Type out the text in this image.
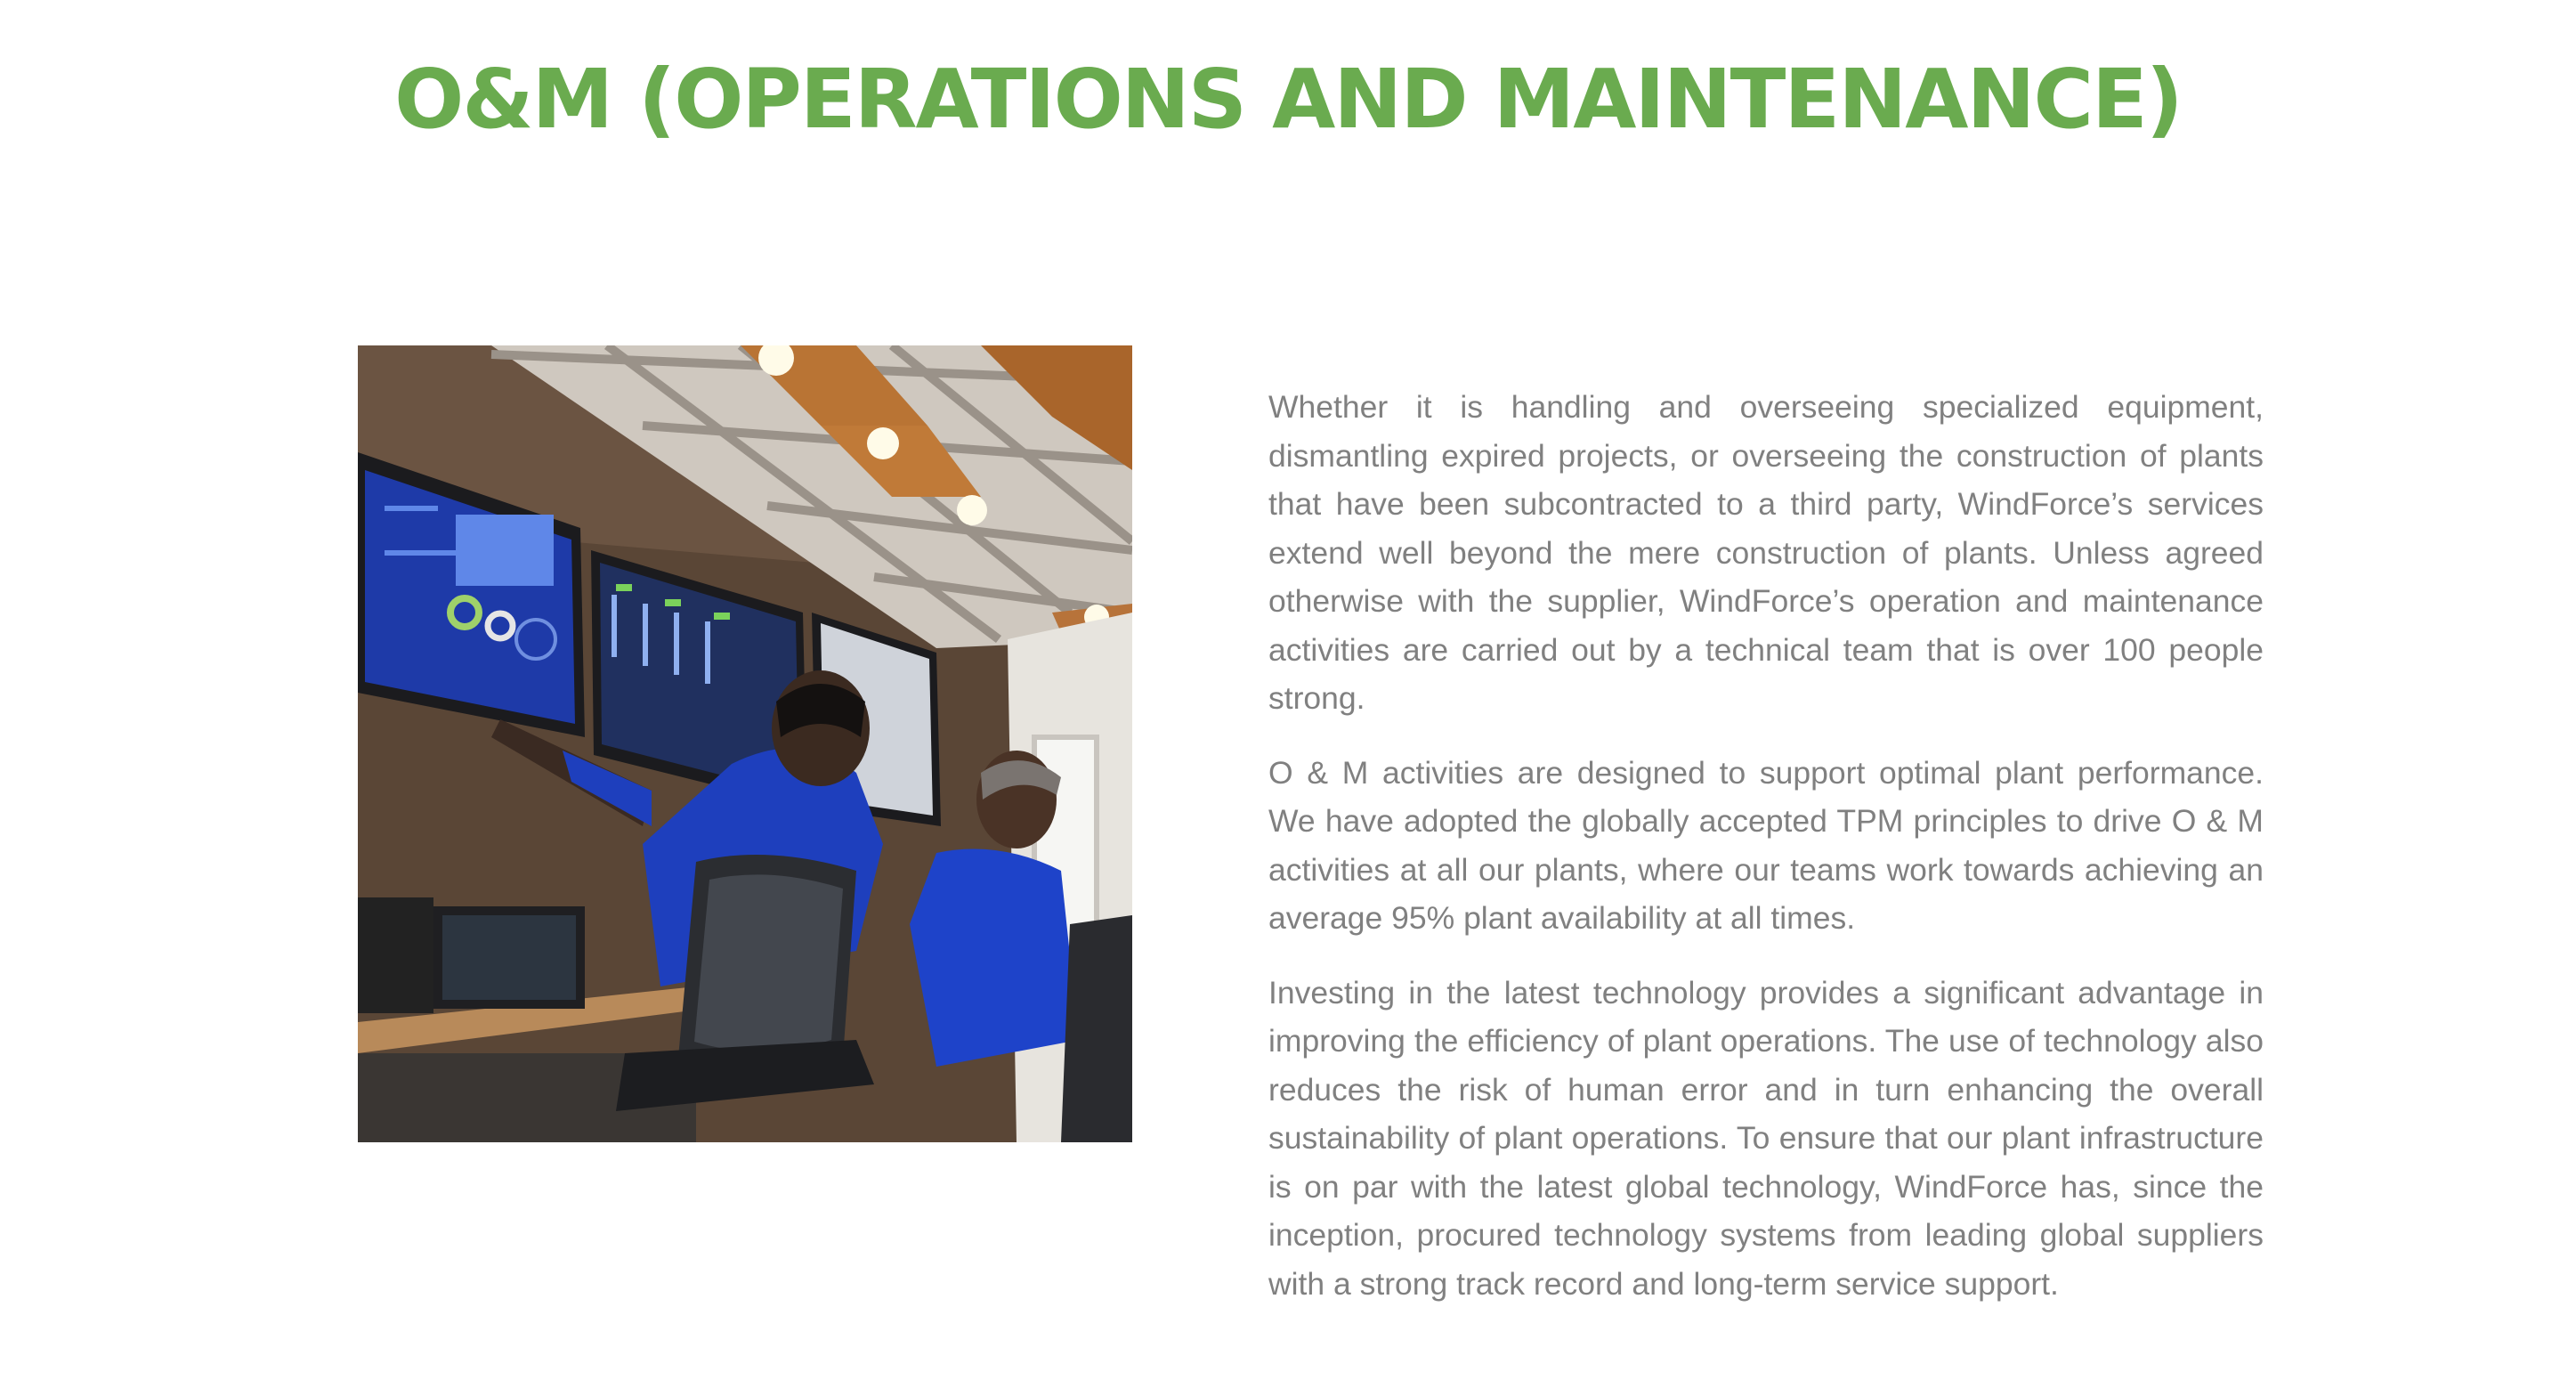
O&M (OPERATIONS AND MAINTENANCE)

Whether it is handling and overseeing specialized equipment, dismantling expired projects, or overseeing the construction of plants that have been subcontracted to a third party, WindForce’s services extend well beyond the mere construction of plants. Unless agreed otherwise with the supplier, WindForce’s operation and maintenance activities are carried out by a technical team that is over 100 people strong.

O & M activities are designed to support optimal plant performance. We have adopted the globally accepted TPM principles to drive O & M activities at all our plants, where our teams work towards achieving an average 95% plant availability at all times.

Investing in the latest technology provides a significant advantage in improving the efficiency of plant operations. The use of technology also reduces the risk of human error and in turn enhancing the overall sustainability of plant operations. To ensure that our plant infrastructure is on par with the latest global technology, WindForce has, since the inception, procured technology systems from leading global suppliers with a strong track record and long-term service support.
